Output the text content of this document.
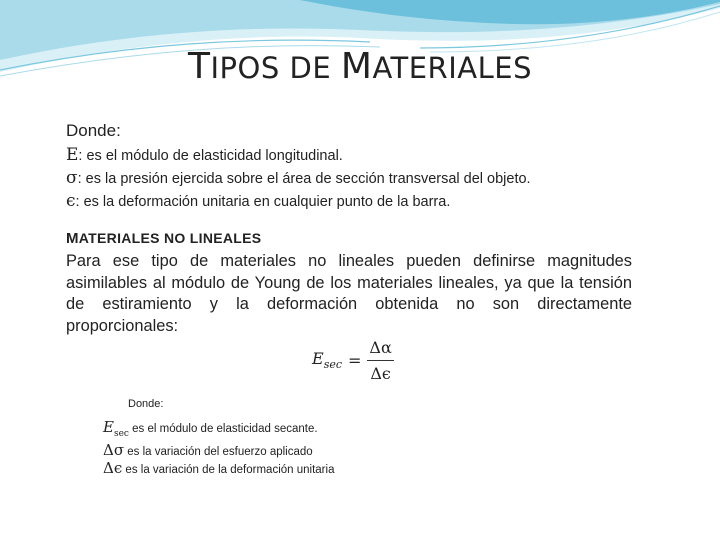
TIPOS DE MATERIALES
Donde:
E: es el módulo de elasticidad longitudinal.
σ: es la presión ejercida sobre el área de sección transversal del objeto.
ϵ: es la deformación unitaria en cualquier punto de la barra.
MATERIALES NO LINEALES
Para ese tipo de materiales no lineales pueden definirse magnitudes asimilables al módulo de Young de los materiales lineales, ya que la tensión de estiramiento y la deformación obtenida no son directamente proporcionales:
$E_{sec} = \frac{\Delta\alpha}{\Delta\epsilon}$
Donde:
$E_{sec}$ es el módulo de elasticidad secante.
Δσ es la variación del esfuerzo aplicado
Δϵ es la variación de la deformación unitaria
